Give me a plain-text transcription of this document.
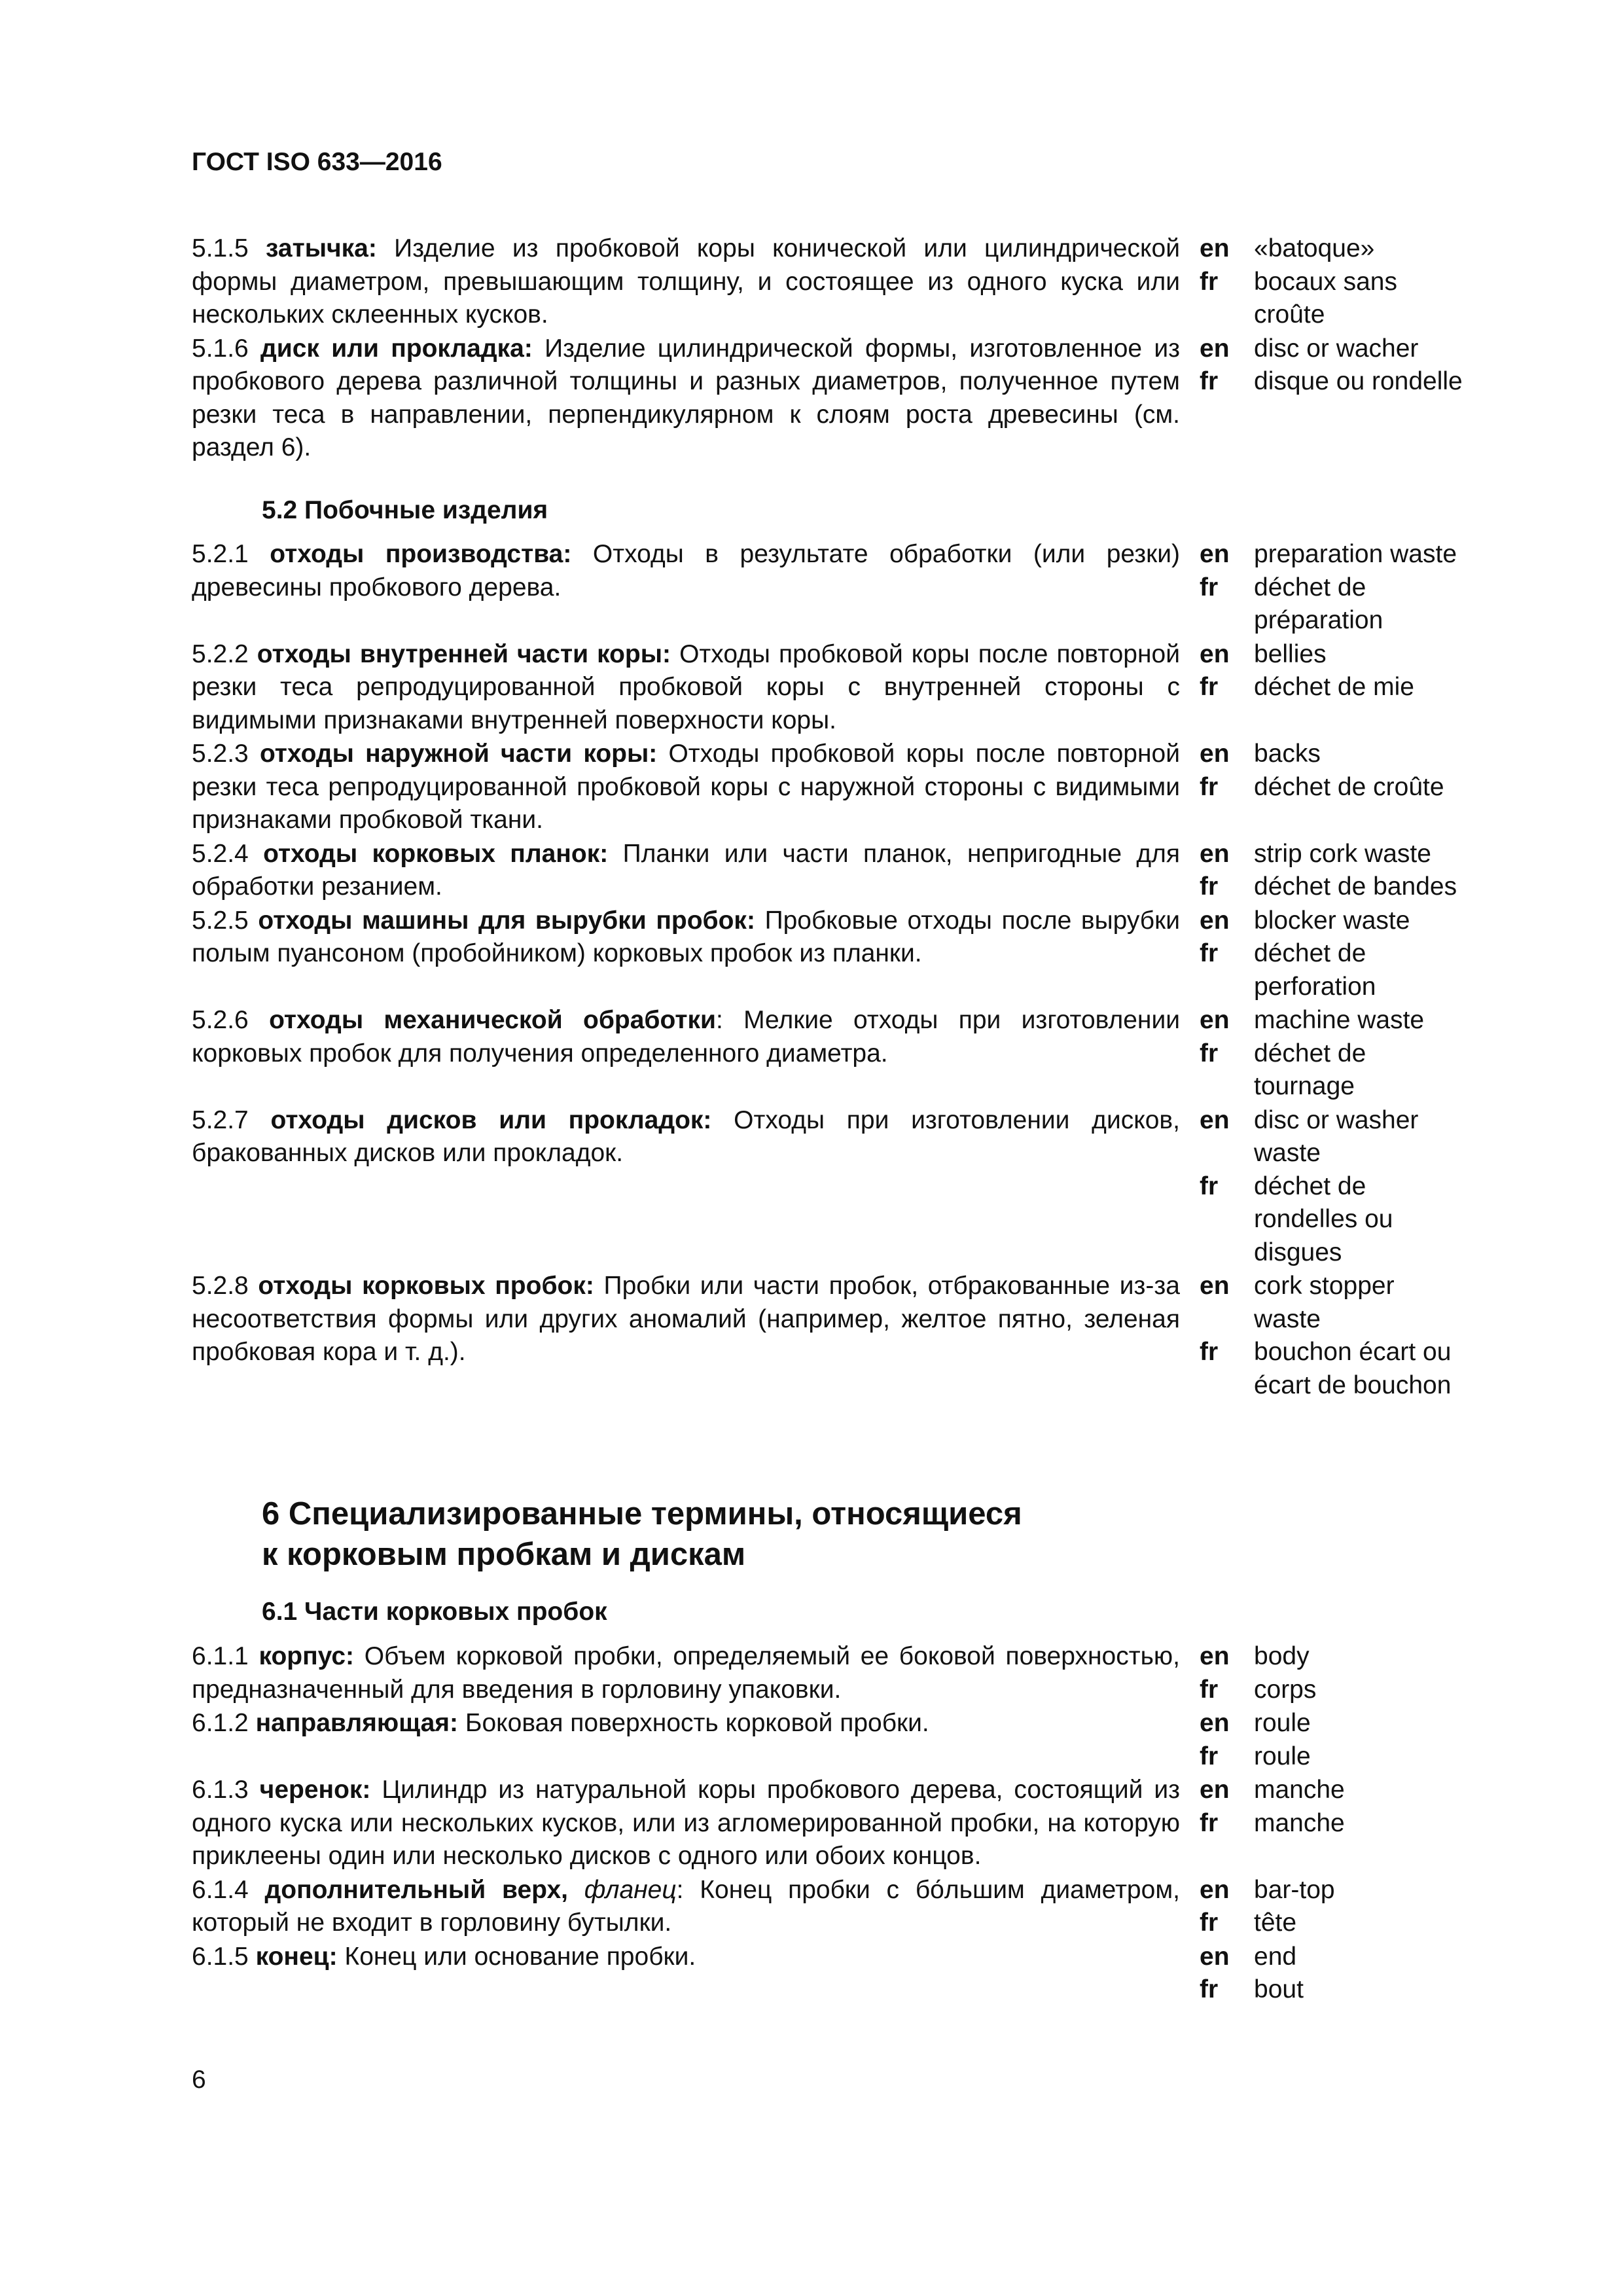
ГОСТ ISO 633—2016
5.1.5 затычка: Изделие из пробковой коры конической или цилиндрической формы диаметром, превышающим толщину, и состоящее из одного куска или нескольких склеенных кусков.
en «batoque»
fr	bocaux sans croûte
5.1.6 диск или прокладка: Изделие цилиндрической формы, изготовленное из пробкового дерева различной толщины и разных диаметров, полученное путем резки теса в направлении, перпендикулярном к слоям роста древесины (см. раздел 6).
en disc or wacher
fr	disque ou rondelle
5.2 Побочные изделия
5.2.1 отходы производства: Отходы в результате обработки (или резки) древесины пробкового дерева.
en preparation waste
fr	déchet de préparation
5.2.2 отходы внутренней части коры: Отходы пробковой коры после повторной резки теса репродуцированной пробковой коры с внутренней стороны с видимыми признаками внутренней поверхности коры.
en bellies
fr	déchet de mie
5.2.3 отходы наружной части коры: Отходы пробковой коры после повторной резки теса репродуцированной пробковой коры с наружной стороны с видимыми признаками пробковой ткани.
en backs
fr	déchet de croûte
5.2.4 отходы корковых планок: Планки или части планок, непригодные для обработки резанием.
en strip cork waste
fr	déchet de bandes
5.2.5 отходы машины для вырубки пробок: Пробковые отходы после вырубки полым пуансоном (пробойником) корковых пробок из планки.
en blocker waste
fr	déchet de perforation
5.2.6 отходы механической обработки: Мелкие отходы при изготовлении корковых пробок для получения определенного диаметра.
en machine waste
fr	déchet de tournage
5.2.7 отходы дисков или прокладок: Отходы при изготовлении дисков, бракованных дисков или прокладок.
en disc or washer waste
fr	déchet de rondelles ou disgues
5.2.8 отходы корковых пробок: Пробки или части пробок, отбракованные из-за несоответствия формы или других аномалий (например, желтое пятно, зеленая пробковая кора и т. д.).
en cork stopper waste
fr	bouchon écart ou écart de bouchon
6 Специализированные термины, относящиеся
к корковым пробкам и дискам
6.1 Части корковых пробок
6.1.1 корпус: Объем корковой пробки, определяемый ее боковой поверхностью, предназначенный для введения в горловину упаковки.
en body
fr	corps
6.1.2 направляющая: Боковая поверхность корковой пробки.	en roule
fr	roule
6.1.3 черенок: Цилиндр из натуральной коры пробкового дерева, состоящий из одного куска или нескольких кусков, или из агломерированной пробки, на которую приклеены один или несколько дисков с одного или обоих концов.
en manche
fr	manche
6.1.4 дополнительный верх, фланец: Конец пробки с бо́льшим диаметром, который не входит в горловину бутылки.
en bar-top
fr	tête
6.1.5 конец: Конец или основание пробки.	en end
fr	bout
6
